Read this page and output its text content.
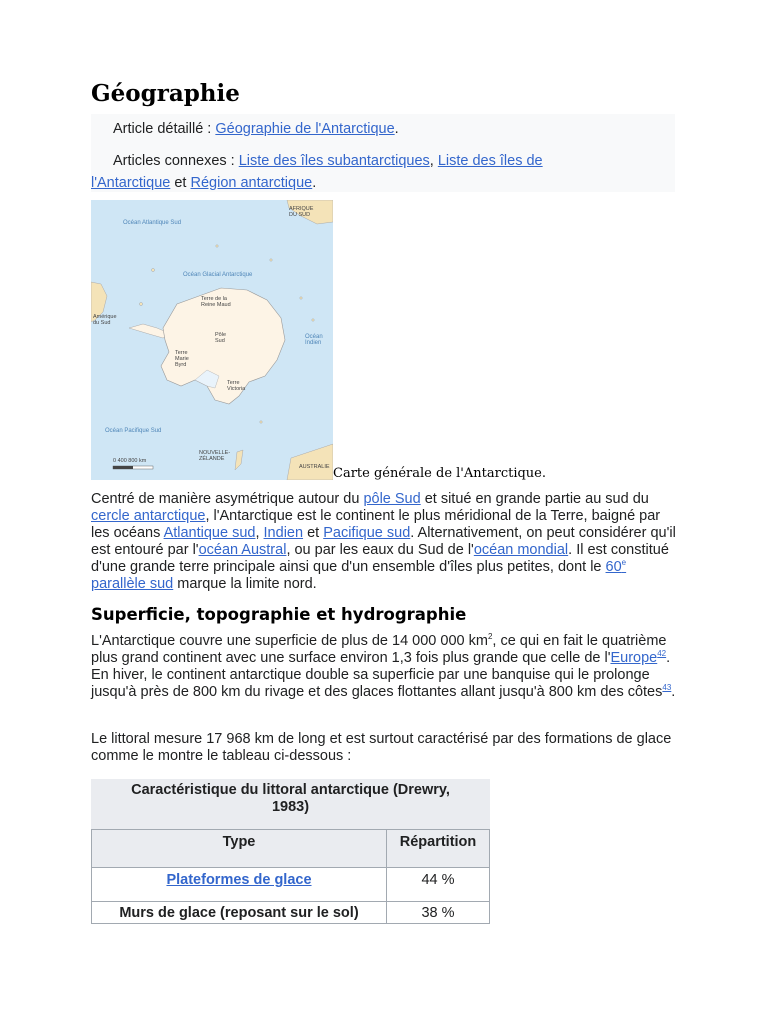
Géographie
Article détaillé : Géographie de l'Antarctique.
Articles connexes : Liste des îles subantarctiques, Liste des îles de l'Antarctique et Région antarctique.
Océan Atlantique Sud
Océan Glacial Antarctique
Océan Indien
Océan Pacifique Sud
AFRIQUE DU SUD
Amérique du Sud
Terre de la Reine Maud
Pôle Sud
Terre Victoria
Terre Marie Byrd
AUSTRALIE
NOUVELLE-ZÉLANDE
0 400 800 km
Carte générale de l'Antarctique.
Centré de manière asymétrique autour du pôle Sud et situé en grande partie au sud du cercle antarctique, l'Antarctique est le continent le plus méridional de la Terre, baigné par les océans Atlantique sud, Indien et Pacifique sud. Alternativement, on peut considérer qu'il est entouré par l'océan Austral, ou par les eaux du Sud de l'océan mondial. Il est constitué d'une grande terre principale ainsi que d'un ensemble d'îles plus petites, dont le 60e parallèle sud marque la limite nord.
Superficie, topographie et hydrographie
L'Antarctique couvre une superficie de plus de 14 000 000 $km^2$, ce qui en fait le quatrième plus grand continent avec une surface environ 1,3 fois plus grande que celle de l'Europe$^{42}$. En hiver, le continent antarctique double sa superficie par une banquise qui le prolonge jusqu'à près de 800 km du rivage et des glaces flottantes allant jusqu'à 800 km des côtes$^{43}$.
Le littoral mesure 17 968 km de long et est surtout caractérisé par des formations de glace comme le montre le tableau ci-dessous :
Caractéristique du littoral antarctique (Drewry, 1983)
Type	Répartition
Plateformes de glace	44 %
Murs de glace (reposant sur le sol)	38 %
